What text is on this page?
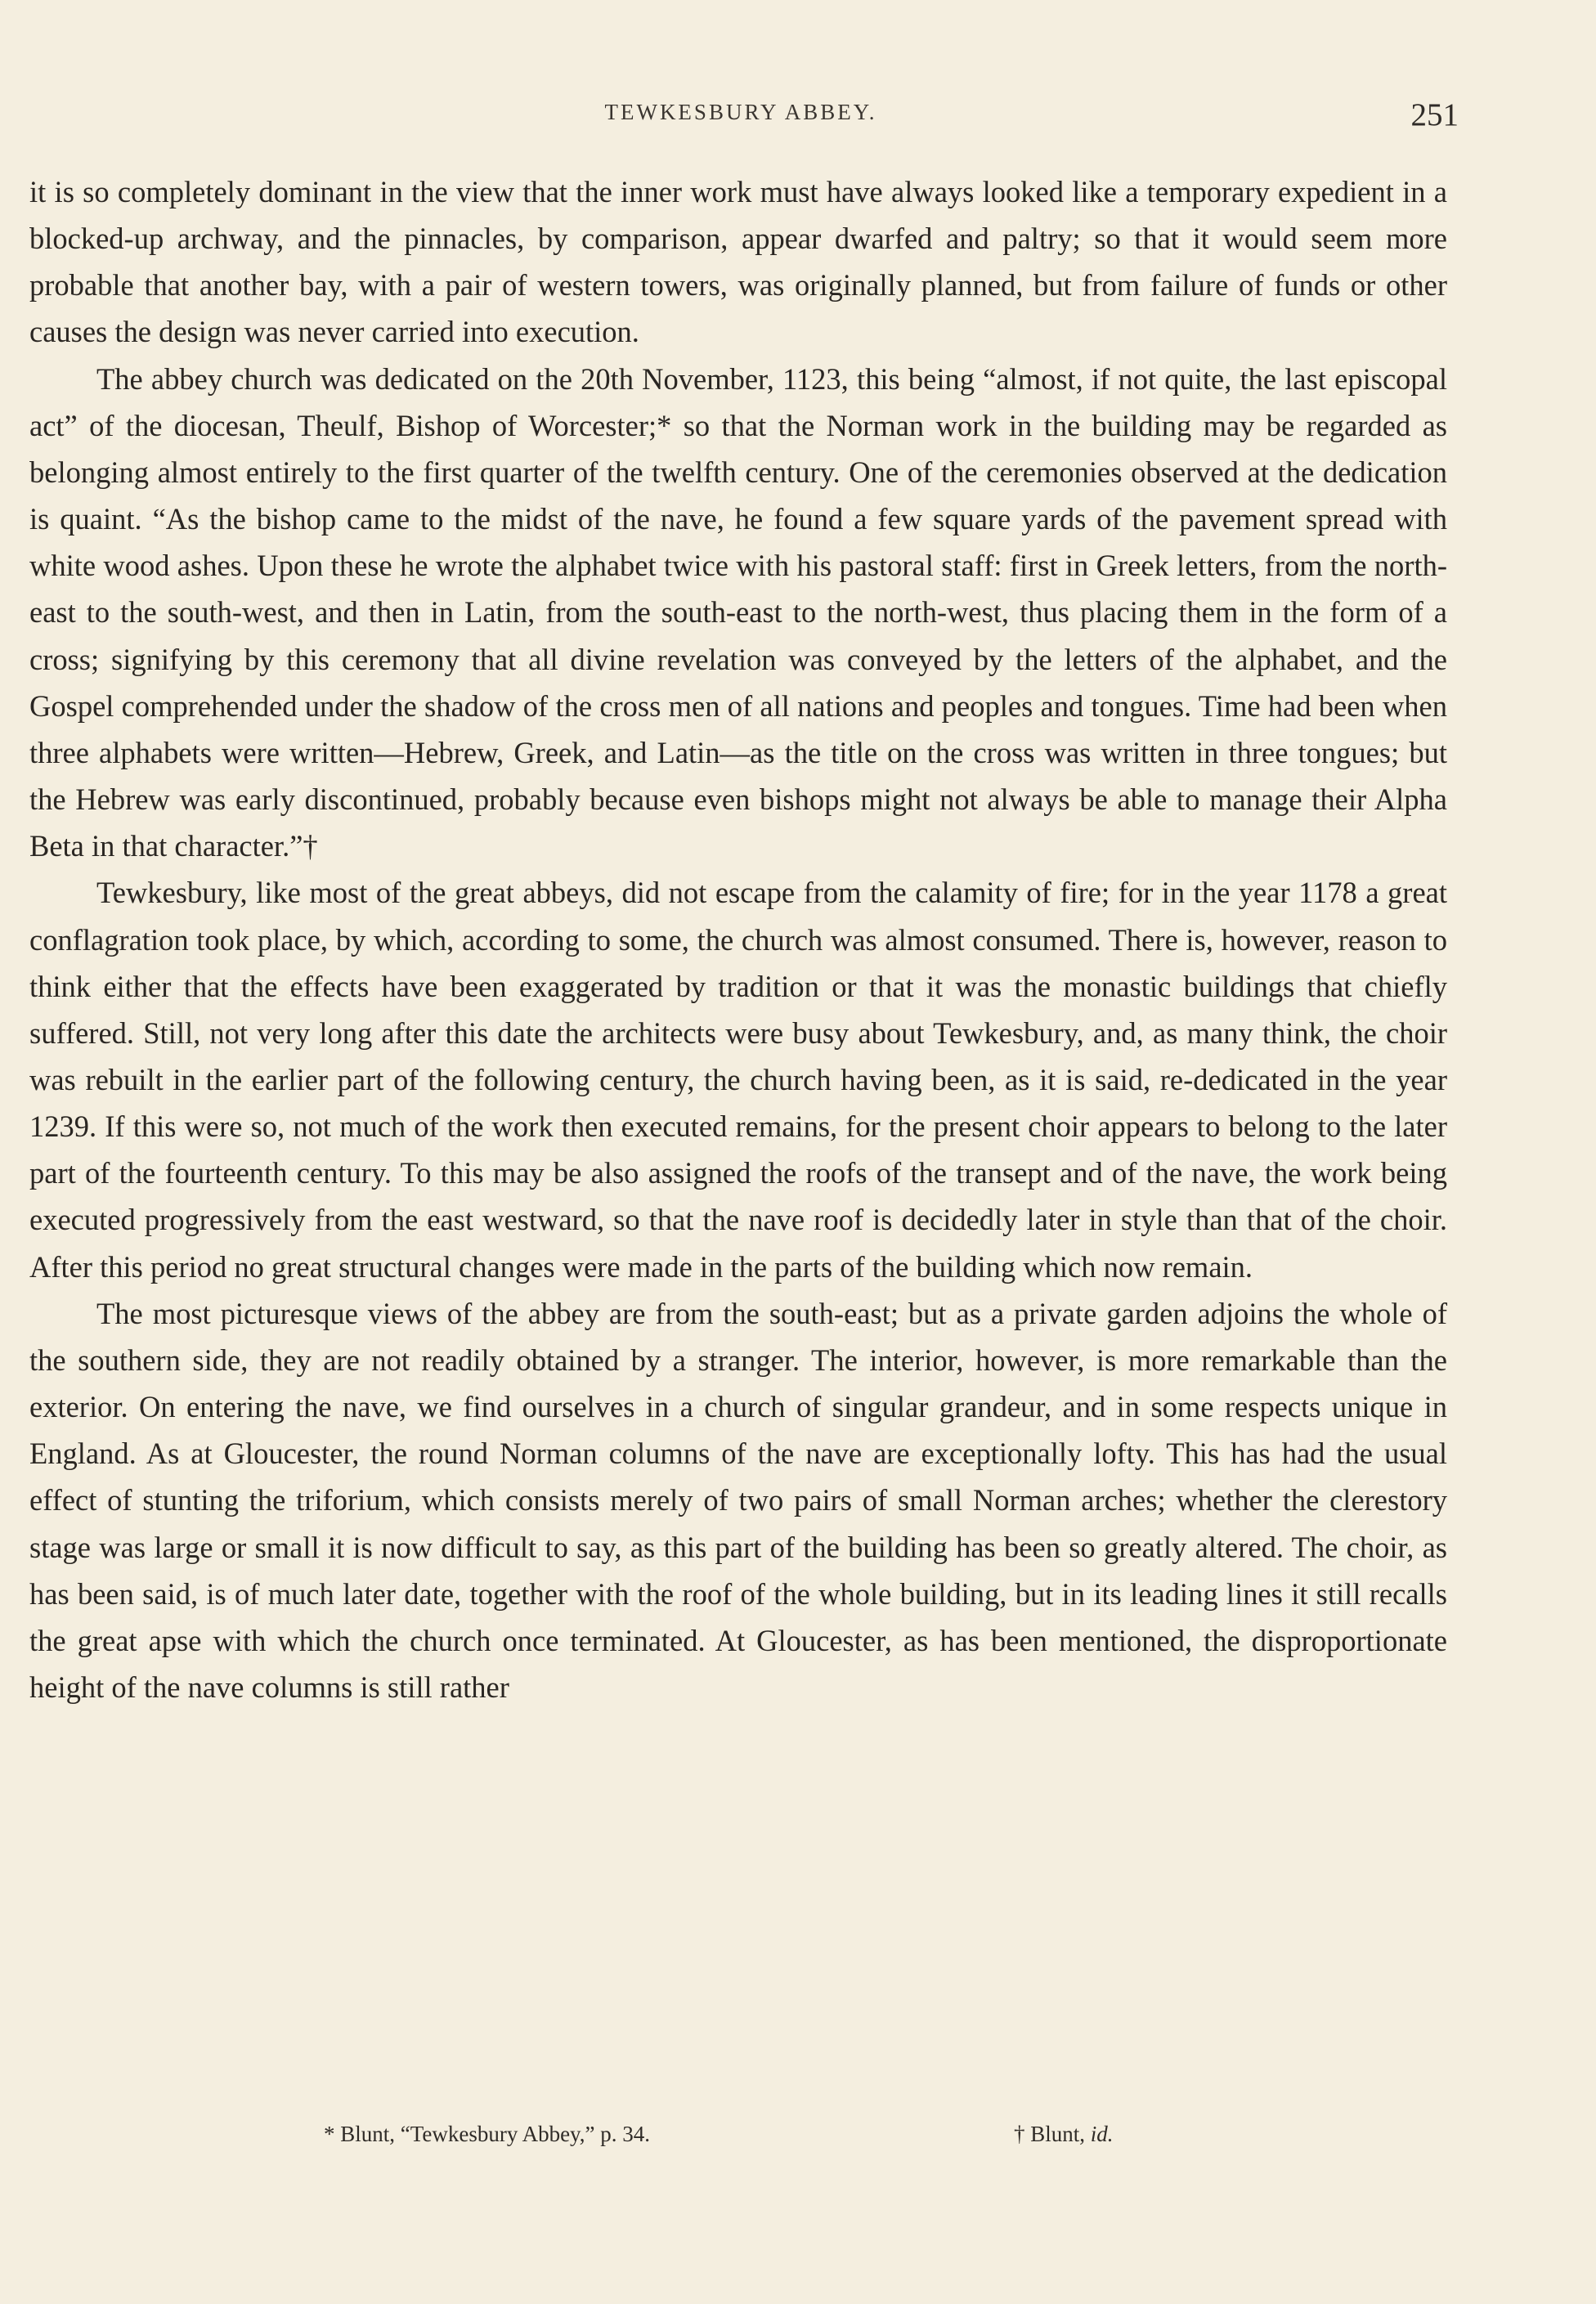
TEWKESBURY ABBEY.	251

it is so completely dominant in the view that the inner work must have always looked like a temporary expedient in a blocked-up archway, and the pinnacles, by comparison, appear dwarfed and paltry; so that it would seem more probable that another bay, with a pair of western towers, was originally planned, but from failure of funds or other causes the design was never carried into execution.

The abbey church was dedicated on the 20th November, 1123, this being “almost, if not quite, the last episcopal act” of the diocesan, Theulf, Bishop of Worcester;* so that the Norman work in the building may be regarded as belonging almost entirely to the first quarter of the twelfth century. One of the ceremonies observed at the dedication is quaint. “As the bishop came to the midst of the nave, he found a few square yards of the pavement spread with white wood ashes. Upon these he wrote the alphabet twice with his pastoral staff: first in Greek letters, from the north-east to the south-west, and then in Latin, from the south-east to the north-west, thus placing them in the form of a cross; signifying by this ceremony that all divine revelation was conveyed by the letters of the alphabet, and the Gospel comprehended under the shadow of the cross men of all nations and peoples and tongues. Time had been when three alphabets were written—Hebrew, Greek, and Latin—as the title on the cross was written in three tongues; but the Hebrew was early discontinued, probably because even bishops might not always be able to manage their Alpha Beta in that character.”†

Tewkesbury, like most of the great abbeys, did not escape from the calamity of fire; for in the year 1178 a great conflagration took place, by which, according to some, the church was almost consumed. There is, however, reason to think either that the effects have been exaggerated by tradition or that it was the monastic buildings that chiefly suffered. Still, not very long after this date the architects were busy about Tewkesbury, and, as many think, the choir was rebuilt in the earlier part of the following century, the church having been, as it is said, re-dedicated in the year 1239. If this were so, not much of the work then executed remains, for the present choir appears to belong to the later part of the fourteenth century. To this may be also assigned the roofs of the transept and of the nave, the work being executed progressively from the east westward, so that the nave roof is decidedly later in style than that of the choir. After this period no great structural changes were made in the parts of the building which now remain.

The most picturesque views of the abbey are from the south-east; but as a private garden adjoins the whole of the southern side, they are not readily obtained by a stranger. The interior, however, is more remarkable than the exterior. On entering the nave, we find ourselves in a church of singular grandeur, and in some respects unique in England. As at Gloucester, the round Norman columns of the nave are exceptionally lofty. This has had the usual effect of stunting the triforium, which consists merely of two pairs of small Norman arches; whether the clerestory stage was large or small it is now difficult to say, as this part of the building has been so greatly altered. The choir, as has been said, is of much later date, together with the roof of the whole building, but in its leading lines it still recalls the great apse with which the church once terminated. At Gloucester, as has been mentioned, the disproportionate height of the nave columns is still rather

* Blunt, “Tewkesbury Abbey,” p. 34.	† Blunt, id.
